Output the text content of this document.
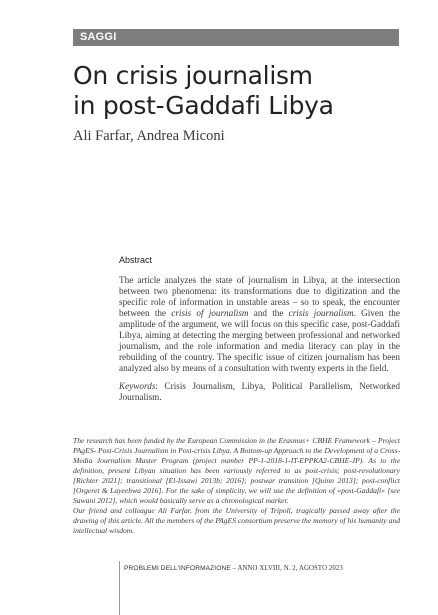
SAGGI
On crisis journalism
in post-Gaddafi Libya
Ali Farfar, Andrea Miconi
Abstract

The article analyzes the state of journalism in Libya, at the intersection between two phenomena: its transformations due to digitization and the specific role of information in unstable areas – so to speak, the encounter between the crisis of journalism and the crisis journalism. Given the amplitude of the argument, we will focus on this specific case, post-Gaddafi Libya, aiming at detecting the merging between professional and networked journalism, and the role information and media literacy can play in the rebuilding of the country. The specific issue of citizen journalism has been analyzed also by means of a consultation with twenty experts in the field.

Keywords: Crisis Journalism, Libya, Political Parallelism, Networked Journalism.
The research has been funded by the European Commission in the Erasmus+ CBHE Framework – Project PAgES- Post-Crisis Journalism in Post-crisis Libya. A Bottom-up Approach to the Development of a Cross-Media Journalism Master Program (project number PP-1-2018-1-IT-EPPKA2-CBHE-JP). As to the definition, present Libyan situation has been variously referred to as post-crisis; post-revolutionary [Richter 2021]; transitional [El-Issawi 2013b; 2016]; postwar transition [Quinn 2013]; post-conflict [Orgeret & Layeebwa 2016]. For the sake of simplicity, we will use the definition of «post-Gaddafi» [see Sawani 2012], which would basically serve as a chronological marker.
Our friend and colleague Ali Farfar, from the University of Tripoli, tragically passed away after the drawing of this article. All the members of the PAgES consortium preserve the memory of his humanity and intellectual wisdom.
PROBLEMI DELL'INFORMAZIONE – ANNO XLVIII, N. 2, AGOSTO 2023
